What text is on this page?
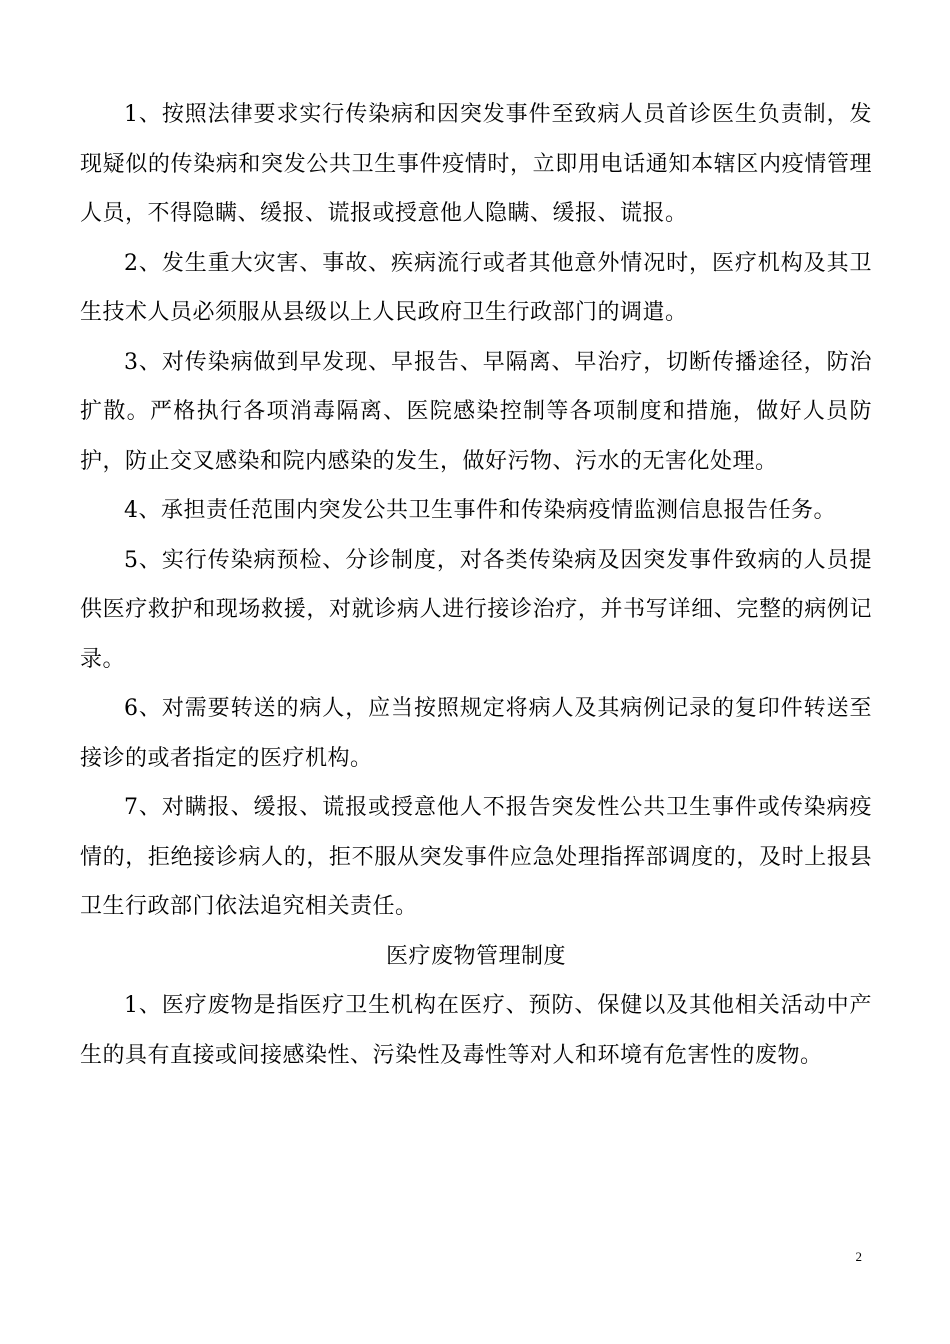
1、按照法律要求实行传染病和因突发事件至致病人员首诊医生负责制，发现疑似的传染病和突发公共卫生事件疫情时，立即用电话通知本辖区内疫情管理人员，不得隐瞒、缓报、谎报或授意他人隐瞒、缓报、谎报。

2、发生重大灾害、事故、疾病流行或者其他意外情况时，医疗机构及其卫生技术人员必须服从县级以上人民政府卫生行政部门的调遣。

3、对传染病做到早发现、早报告、早隔离、早治疗，切断传播途径，防治扩散。严格执行各项消毒隔离、医院感染控制等各项制度和措施，做好人员防护，防止交叉感染和院内感染的发生，做好污物、污水的无害化处理。

4、承担责任范围内突发公共卫生事件和传染病疫情监测信息报告任务。

5、实行传染病预检、分诊制度，对各类传染病及因突发事件致病的人员提供医疗救护和现场救援，对就诊病人进行接诊治疗，并书写详细、完整的病例记录。

6、对需要转送的病人，应当按照规定将病人及其病例记录的复印件转送至接诊的或者指定的医疗机构。

7、对瞒报、缓报、谎报或授意他人不报告突发性公共卫生事件或传染病疫情的，拒绝接诊病人的，拒不服从突发事件应急处理指挥部调度的，及时上报县卫生行政部门依法追究相关责任。

医疗废物管理制度

1、医疗废物是指医疗卫生机构在医疗、预防、保健以及其他相关活动中产生的具有直接或间接感染性、污染性及毒性等对人和环境有危害性的废物。

2
